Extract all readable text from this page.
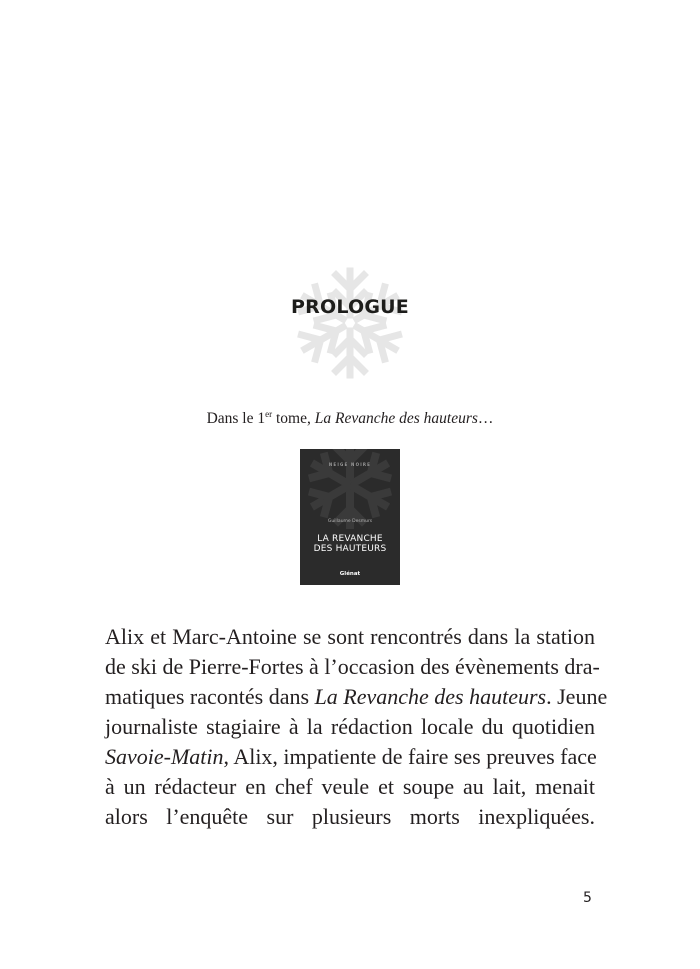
PROLOGUE
Dans le 1er tome, La Revanche des hauteurs…
NEIGE NOIRE
Guillaume Desmurs
LA REVANCHE
DES HAUTEURS
Glénat
Alix et Marc-Antoine se sont rencontrés dans la station
de ski de Pierre-Fortes à l’occasion des évènements dra-
matiques racontés dans La Revanche des hauteurs. Jeune
journaliste stagiaire à la rédaction locale du quotidien
Savoie-Matin, Alix, impatiente de faire ses preuves face
à un rédacteur en chef veule et soupe au lait, menait
alors l’enquête sur plusieurs morts inexpliquées.
5
